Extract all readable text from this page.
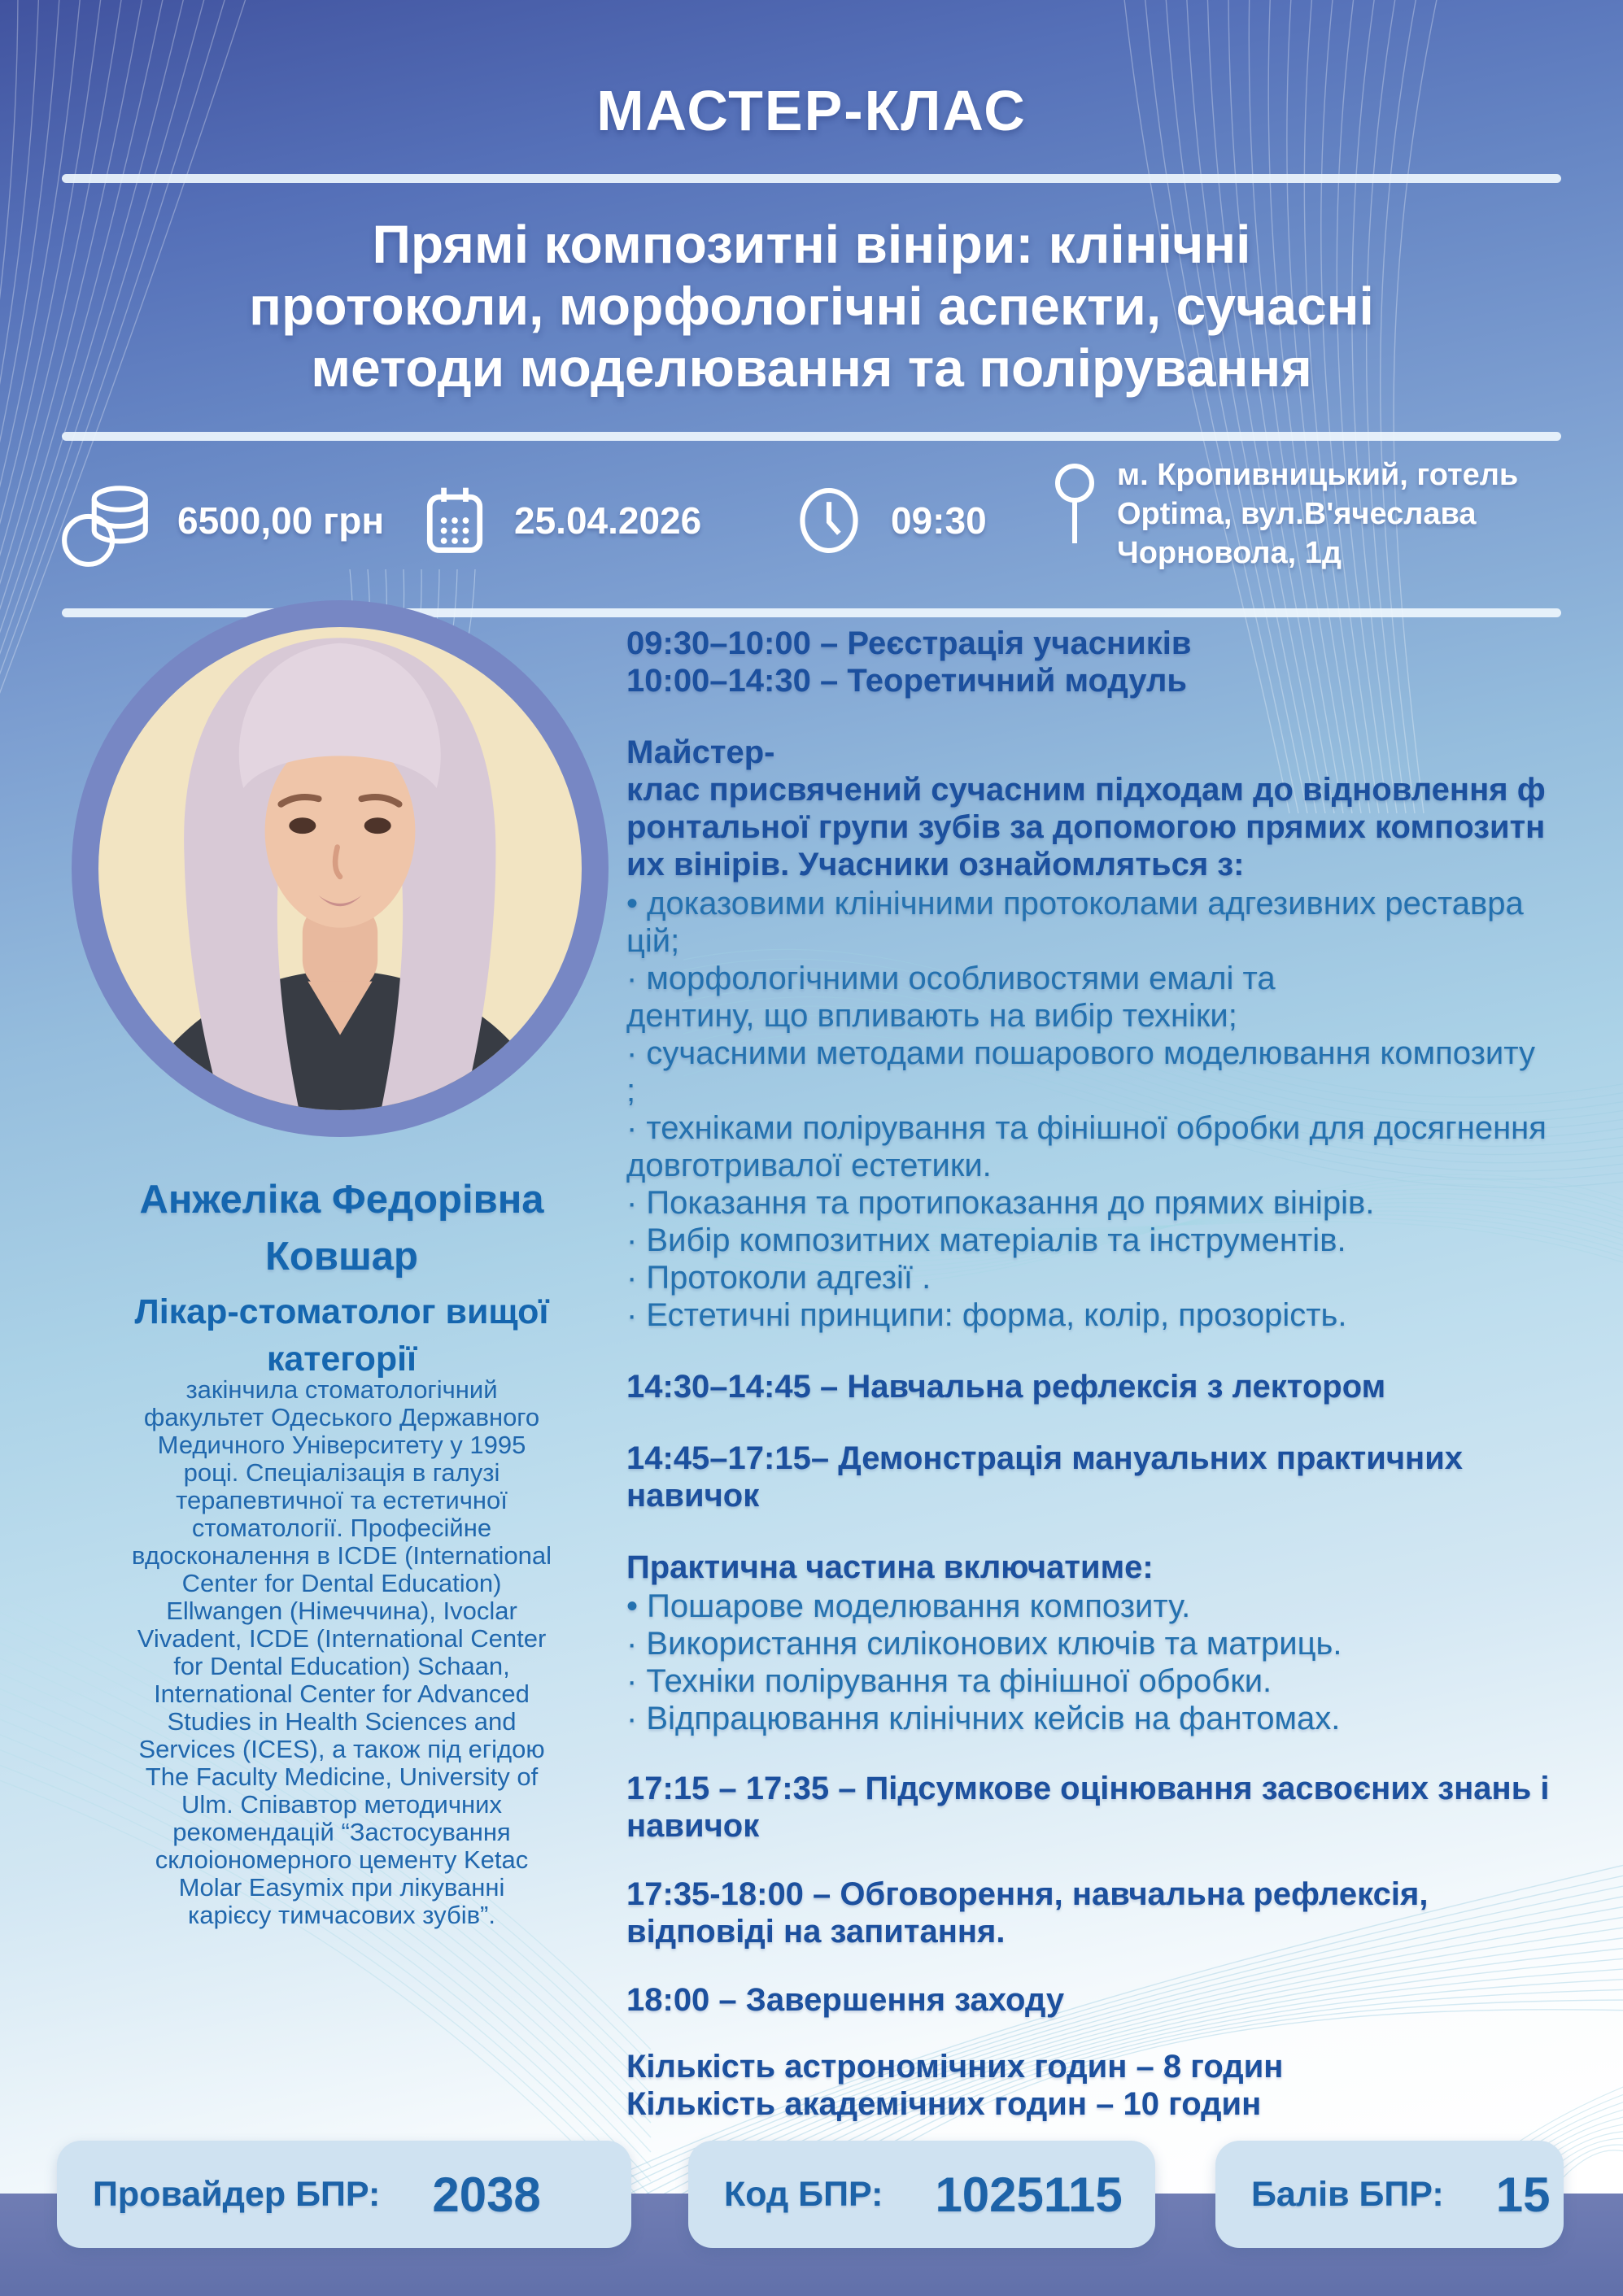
МАСТЕР-КЛАС
Прямі композитні вініри: клінічні
протоколи, морфологічні аспекти, сучасні
методи моделювання та полірування
6500,00 грн	25.04.2026	09:30
м. Кропивницький, готель
Optima, вул.В'ячеслава
Чорновола, 1д
Анжеліка Федорівна
Ковшар
Лікар-стоматолог вищої
категорії
закінчила стоматологічний
факультет Одеського Державного
Медичного Університету у 1995
році. Спеціалізація в галузі
терапевтичної та естетичної
стоматології. Професійне
вдосконалення в ICDE (International
Center for Dental Education)
Ellwangen (Німеччина), Ivoclar
Vivadent, ICDE (International Center
for Dental Education) Schaan,
International Center for Advanced
Studies in Health Sciences and
Services (ICES), а також під егідою
The Faculty Medicine, University of
Ulm. Співавтор методичних
рекомендацій “Застосування
склоіономерного цементу Ketac
Molar Easymix при лікуванні
карієсу тимчасових зубів”.

09:30–10:00 – Реєстрація учасників
10:00–14:30 – Теоретичний модуль

Майстер-
клас присвячений сучасним підходам до відновлення ф
ронтальної групи зубів за допомогою прямих композитн
их вінірів. Учасники ознайомляться з:

• доказовими клінічними протоколами адгезивних реставра
цій;
· морфологічними особливостями емалі та
дентину, що впливають на вибір техніки;
· сучасними методами пошарового моделювання композиту
;
· техніками полірування та фінішної обробки для досягнення
довготривалої естетики.
· Показання та протипоказання до прямих вінірів.
· Вибір композитних матеріалів та інструментів.
· Протоколи адгезії .
· Естетичні принципи: форма, колір, прозорість.

14:30–14:45 – Навчальна рефлексія з лектором

14:45–17:15– Демонстрація мануальних практичних
навичок

Практична частина включатиме:

• Пошарове моделювання композиту.
· Використання силіконових ключів та матриць.
· Техніки полірування та фінішної обробки.
· Відпрацювання клінічних кейсів на фантомах.

17:15 – 17:35 – Підсумкове оцінювання засвоєних знань і
навичок

17:35-18:00 – Обговорення, навчальна рефлексія,
відповіді на запитання.

18:00 – Завершення заходу

Кількість астрономічних годин – 8 годин
Кількість академічних годин – 10 годин

Провайдер БПР: 2038	Код БПР: 1025115	Балів БПР: 15
